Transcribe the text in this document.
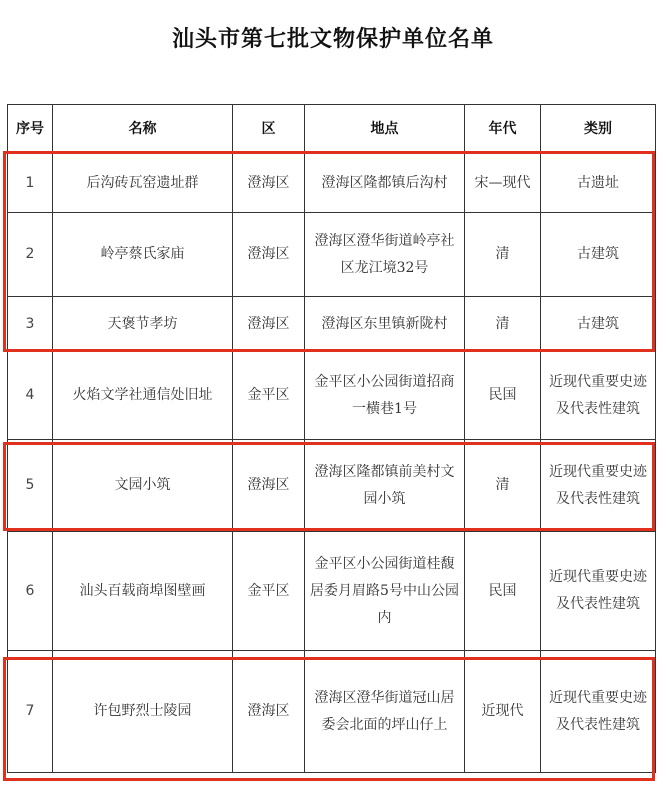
汕头市第七批文物保护单位名单
序号	名称	区	地点	年代	类别
1	后沟砖瓦窑遗址群	澄海区	澄海区隆都镇后沟村	宋—现代	古遗址
2	岭亭蔡氏家庙	澄海区	澄海区澄华街道岭亭社区龙江境32号	清	古建筑
3	天褒节孝坊	澄海区	澄海区东里镇新陇村	清	古建筑
4	火焰文学社通信处旧址	金平区	金平区小公园街道招商一横巷1号	民国	近现代重要史迹及代表性建筑
5	文园小筑	澄海区	澄海区隆都镇前美村文园小筑	清	近现代重要史迹及代表性建筑
6	汕头百载商埠图壁画	金平区	金平区小公园街道桂馥居委月眉路5号中山公园内	民国	近现代重要史迹及代表性建筑
7	许包野烈士陵园	澄海区	澄海区澄华街道冠山居委会北面的坪山仔上	近现代	近现代重要史迹及代表性建筑
